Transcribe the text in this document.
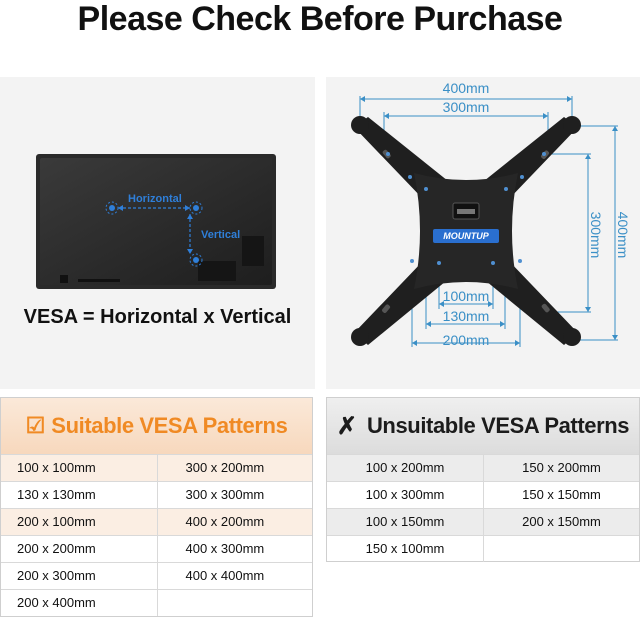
Please Check Before Purchase
Horizontal
Vertical
VESA = Horizontal x Vertical
MOUNTUP
400mm
300mm
100mm
130mm
200mm
300mm 400mm
☑ Suitable VESA Patterns
100 x 100mm	300 x 200mm
130 x 130mm	300 x 300mm
200 x 100mm	400 x 200mm
200 x 200mm	400 x 300mm
200 x 300mm	400 x 400mm
200 x 400mm
✗ Unsuitable VESA Patterns
100 x 200mm	150 x 200mm
100 x 300mm	150 x 150mm
100 x 150mm	200 x 150mm
150 x 100mm
